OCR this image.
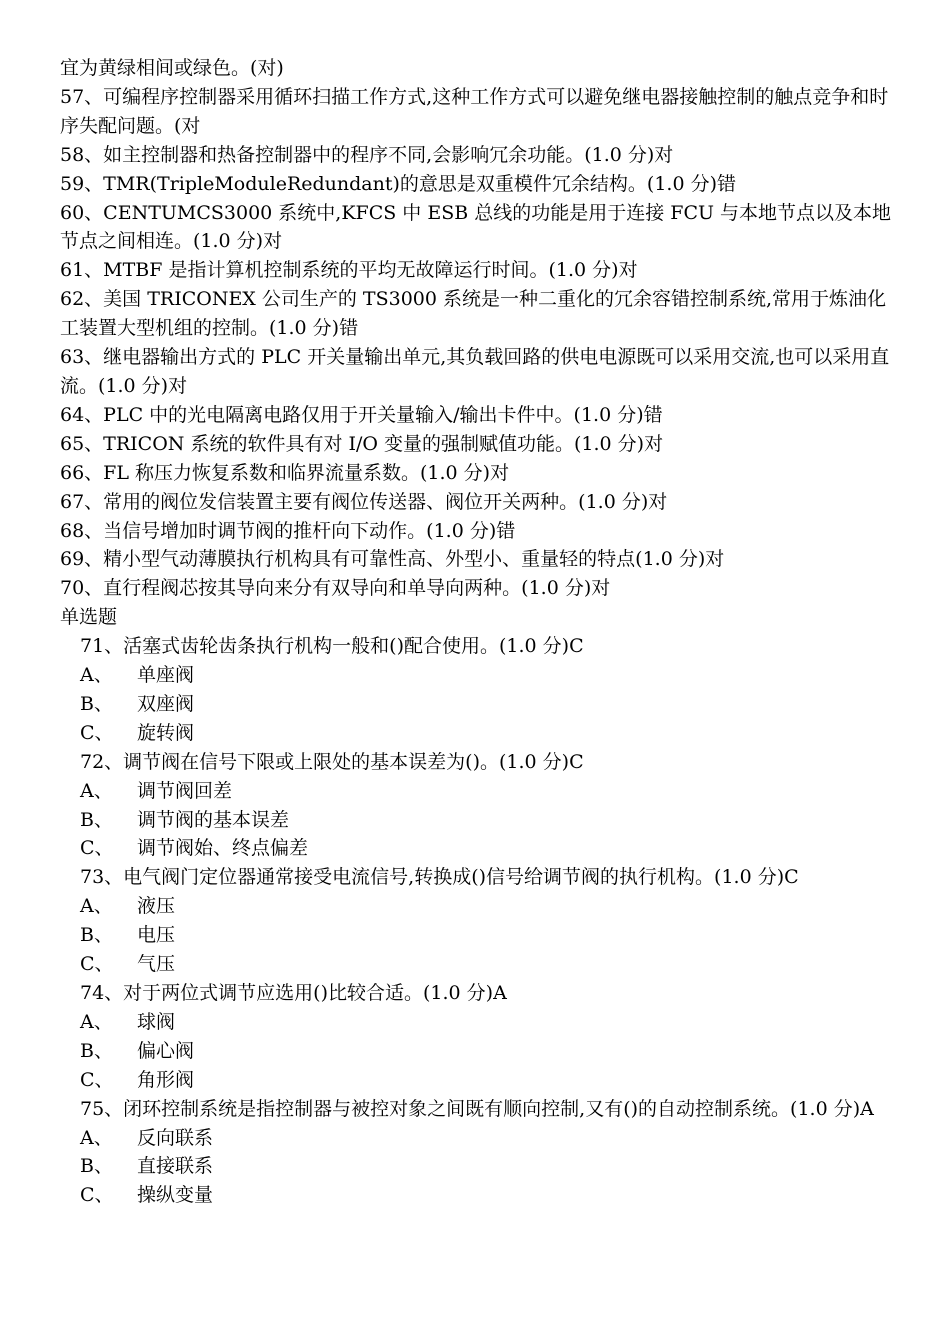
宜为黄绿相间或绿色。(对)
57、可编程序控制器采用循环扫描工作方式,这种工作方式可以避免继电器接触控制的触点竞争和时序失配问题。(对
58、如主控制器和热备控制器中的程序不同,会影响冗余功能。(1.0 分)对
59、TMR(TripleModuleRedundant)的意思是双重模件冗余结构。(1.0 分)错
60、CENTUMCS3000 系统中,KFCS 中 ESB 总线的功能是用于连接 FCU 与本地节点以及本地节点之间相连。(1.0 分)对
61、MTBF 是指计算机控制系统的平均无故障运行时间。(1.0 分)对
62、美国 TRICONEX 公司生产的 TS3000 系统是一种二重化的冗余容错控制系统,常用于炼油化工装置大型机组的控制。(1.0 分)错
63、继电器输出方式的 PLC 开关量输出单元,其负载回路的供电电源既可以采用交流,也可以采用直流。(1.0 分)对
64、PLC 中的光电隔离电路仅用于开关量输入/输出卡件中。(1.0 分)错
65、TRICON 系统的软件具有对 I/O 变量的强制赋值功能。(1.0 分)对
66、FL 称压力恢复系数和临界流量系数。(1.0 分)对
67、常用的阀位发信装置主要有阀位传送器、阀位开关两种。(1.0 分)对
68、当信号增加时调节阀的推杆向下动作。(1.0 分)错
69、精小型气动薄膜执行机构具有可靠性高、外型小、重量轻的特点(1.0 分)对
70、直行程阀芯按其导向来分有双导向和单导向两种。(1.0 分)对
单选题
71、活塞式齿轮齿条执行机构一般和()配合使用。(1.0 分)C
A、	单座阀
B、	双座阀
C、	旋转阀
72、调节阀在信号下限或上限处的基本误差为()。(1.0 分)C
A、	调节阀回差
B、	调节阀的基本误差
C、	调节阀始、终点偏差
73、电气阀门定位器通常接受电流信号,转换成()信号给调节阀的执行机构。(1.0 分)C
A、	液压
B、	电压
C、	气压
74、对于两位式调节应选用()比较合适。(1.0 分)A
A、	球阀
B、	偏心阀
C、	角形阀
75、闭环控制系统是指控制器与被控对象之间既有顺向控制,又有()的自动控制系统。(1.0 分)A
A、	反向联系
B、	直接联系
C、	操纵变量
